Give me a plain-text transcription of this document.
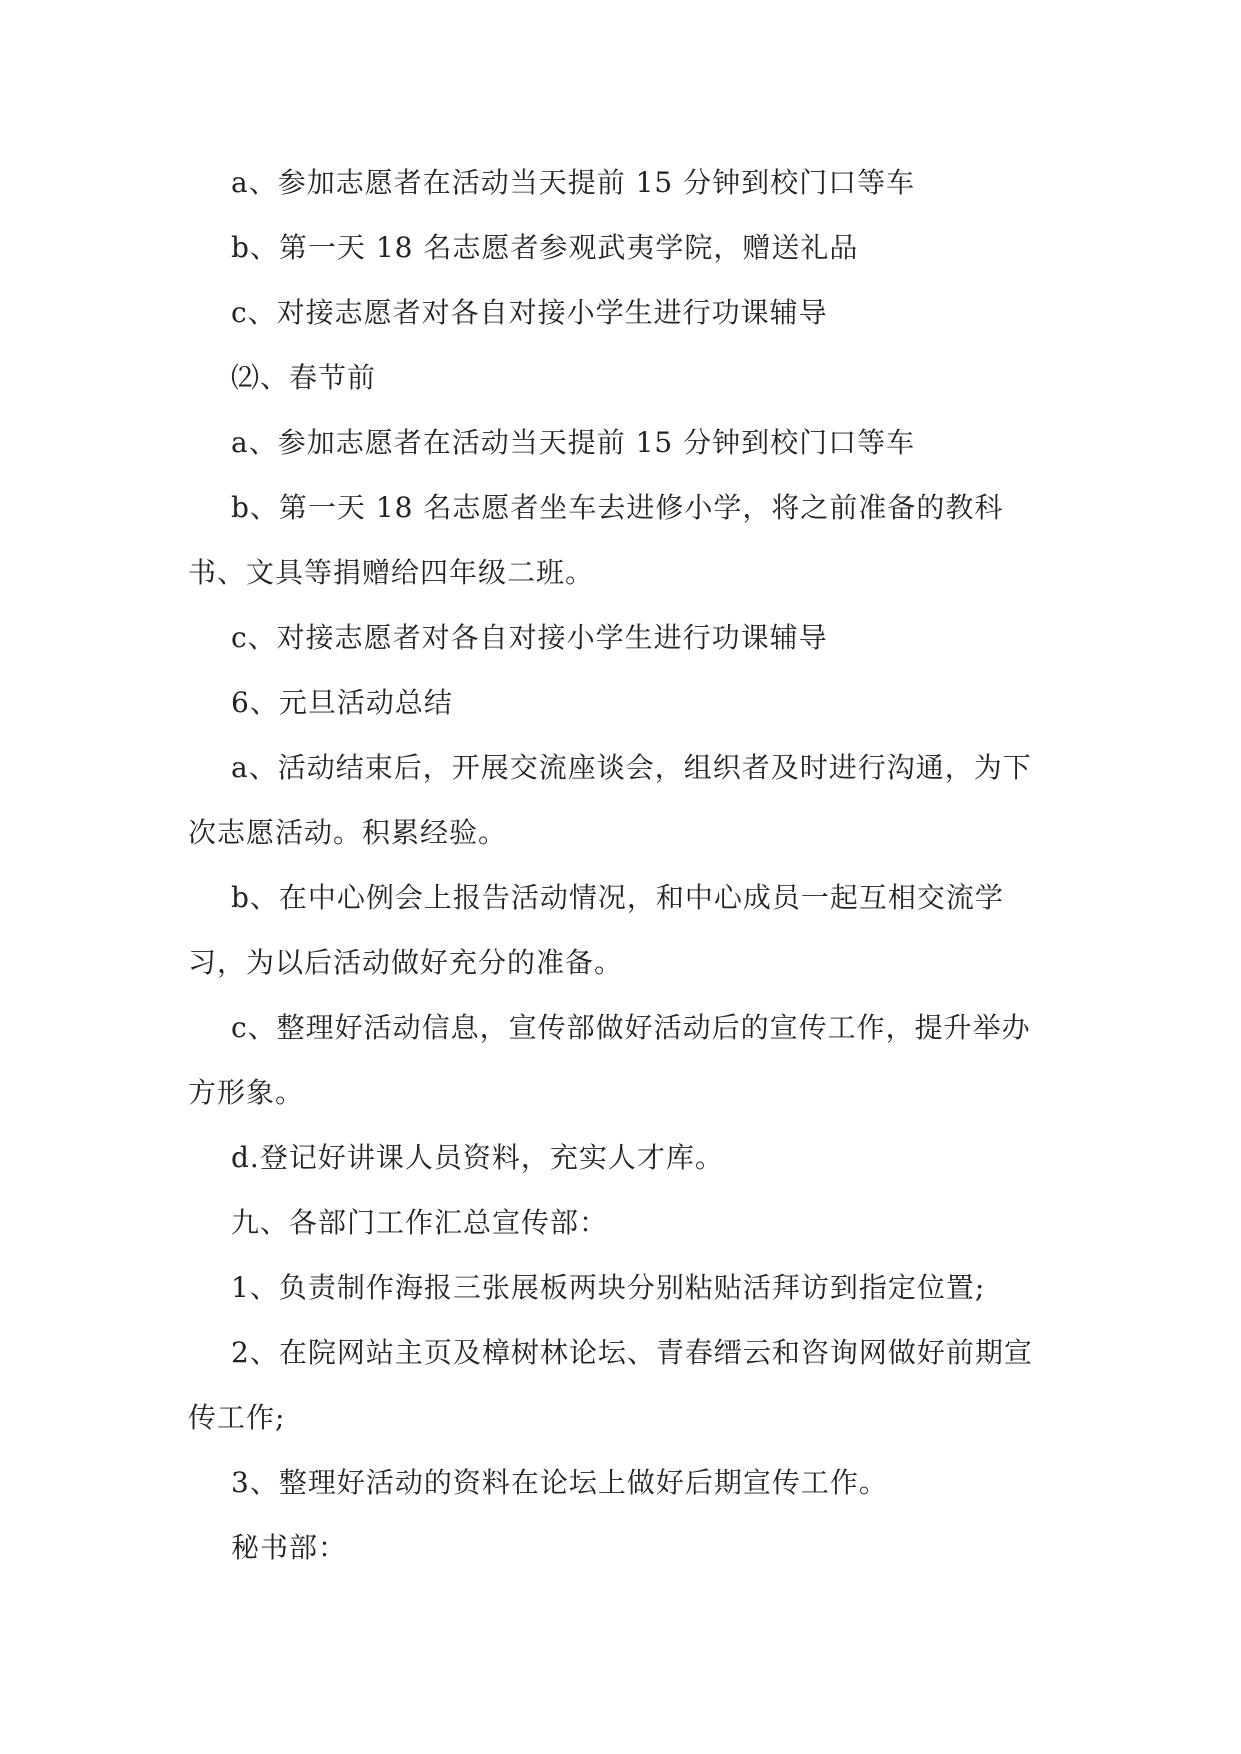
a、参加志愿者在活动当天提前 15 分钟到校门口等车

b、第一天 18 名志愿者参观武夷学院，赠送礼品

c、对接志愿者对各自对接小学生进行功课辅导

⑵、春节前

a、参加志愿者在活动当天提前 15 分钟到校门口等车

b、第一天 18 名志愿者坐车去进修小学，将之前准备的教科书、文具等捐赠给四年级二班。

c、对接志愿者对各自对接小学生进行功课辅导

6、元旦活动总结

a、活动结束后，开展交流座谈会，组织者及时进行沟通，为下次志愿活动。积累经验。

b、在中心例会上报告活动情况，和中心成员一起互相交流学习，为以后活动做好充分的准备。

c、整理好活动信息，宣传部做好活动后的宣传工作，提升举办方形象。

d.登记好讲课人员资料，充实人才库。

九、各部门工作汇总宣传部：

1、负责制作海报三张展板两块分别粘贴活拜访到指定位置;

2、在院网站主页及樟树林论坛、青春缙云和咨询网做好前期宣传工作;

3、整理好活动的资料在论坛上做好后期宣传工作。

秘书部：
